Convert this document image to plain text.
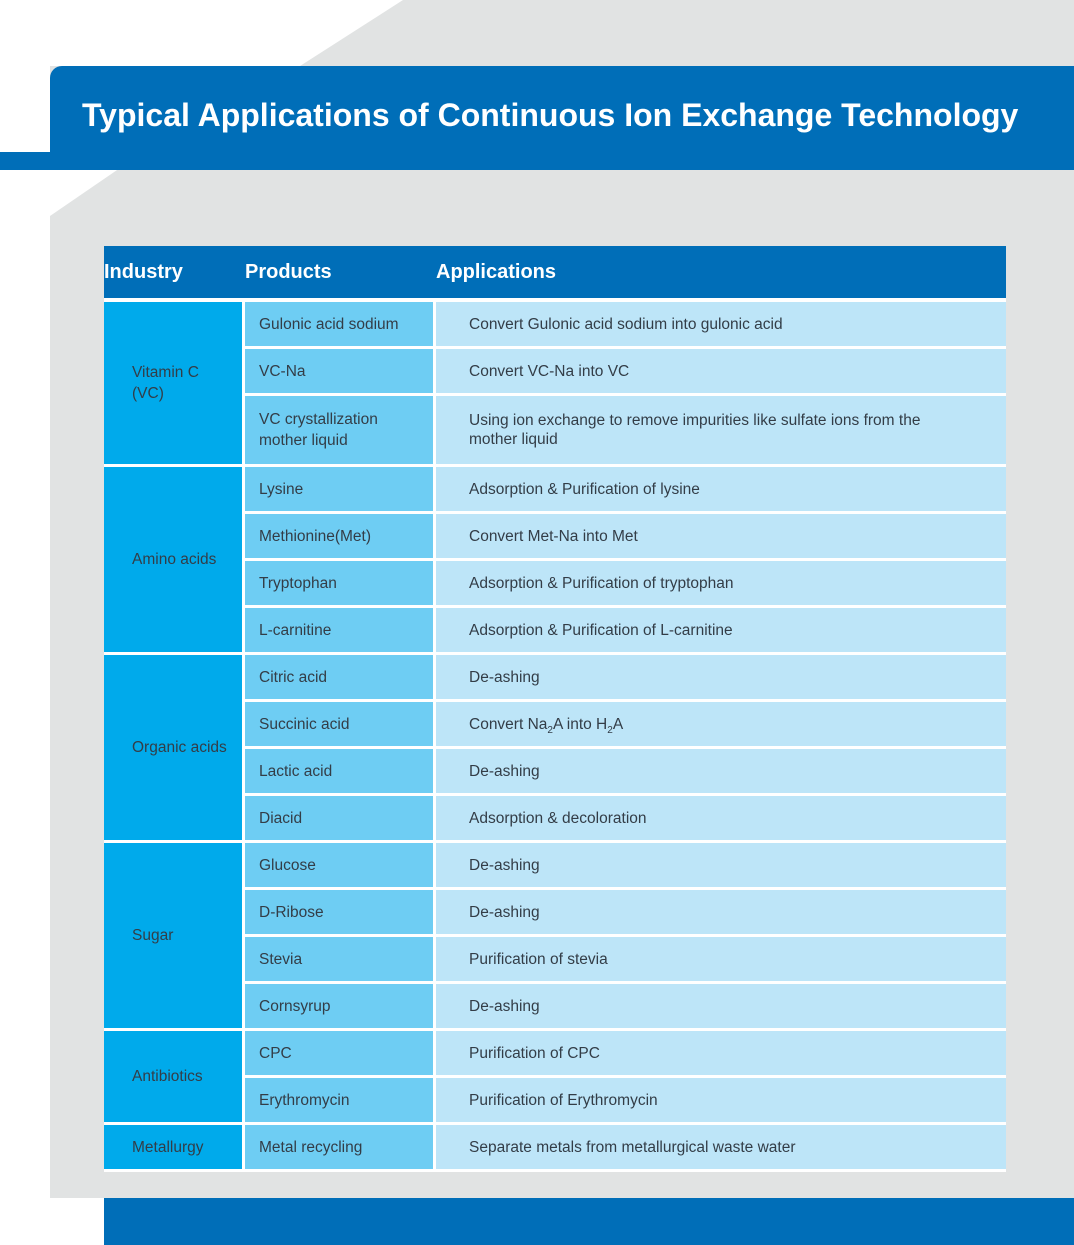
Typical Applications of Continuous Ion Exchange Technology
Industry	Products	Applications
Vitamin C
(VC)	Gulonic acid sodium	Convert Gulonic acid sodium into gulonic acid
	VC-Na	Convert VC-Na into VC
	VC crystallization mother liquid	Using ion exchange to remove impurities like sulfate ions from the mother liquid
Amino acids	Lysine	Adsorption & Purification of lysine
	Methionine(Met)	Convert Met-Na into Met
	Tryptophan	Adsorption & Purification of tryptophan
	L-carnitine	Adsorption & Purification of L-carnitine
Organic acids	Citric acid	De-ashing
	Succinic acid	Convert $Na_2A$ into $H_2A$
	Lactic acid	De-ashing
	Diacid	Adsorption & decoloration
Sugar	Glucose	De-ashing
	D-Ribose	De-ashing
	Stevia	Purification of stevia
	Cornsyrup	De-ashing
Antibiotics	CPC	Purification of CPC
	Erythromycin	Purification of Erythromycin
Metallurgy	Metal recycling	Separate metals from metallurgical waste water
